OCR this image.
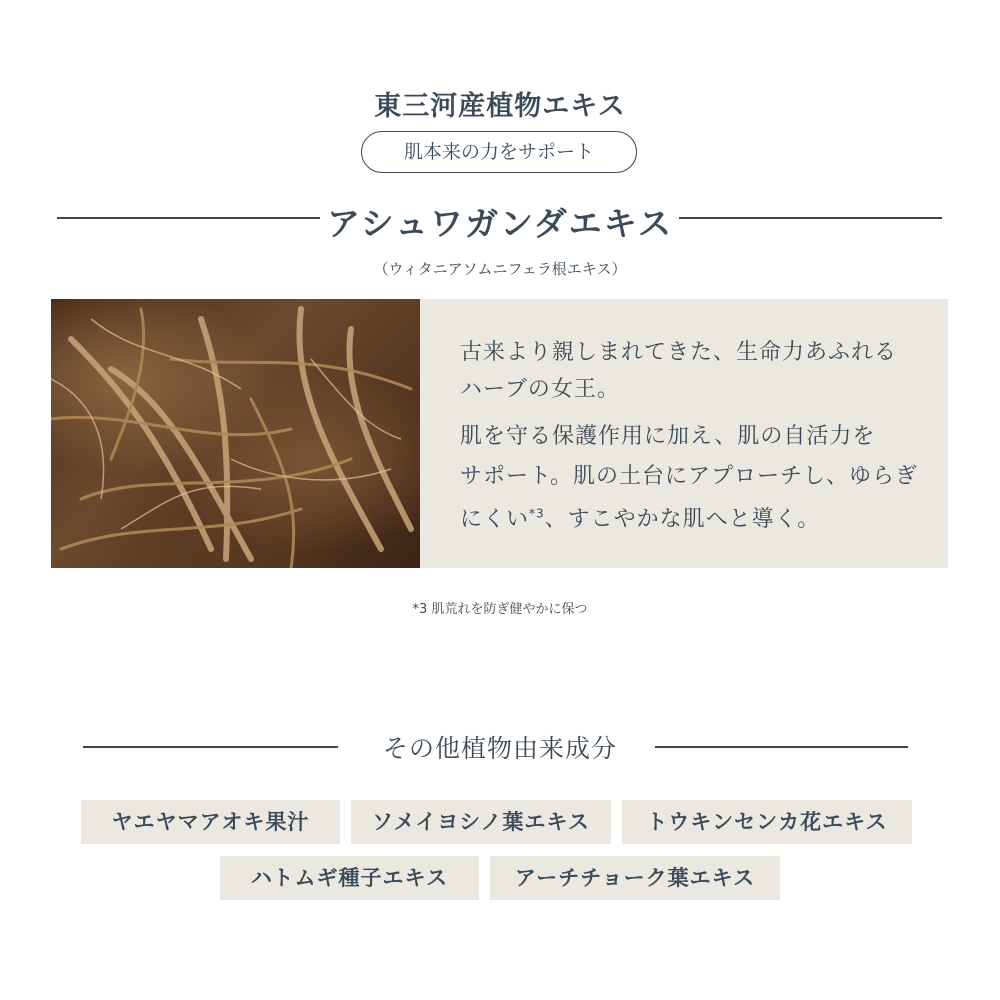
東三河産植物エキス
肌本来の力をサポート
アシュワガンダエキス
（ウィタニアソムニフェラ根エキス）
古来より親しまれてきた、生命力あふれる
ハーブの女王。
肌を守る保護作用に加え、肌の自活力を
サポート。肌の土台にアプローチし、ゆらぎ
にくい$^{*3}$、すこやかな肌へと導く。
*3 肌荒れを防ぎ健やかに保つ
その他植物由来成分
ヤエヤマアオキ果汁	ソメイヨシノ葉エキス	トウキンセンカ花エキス
ハトムギ種子エキス	アーチチョーク葉エキス
